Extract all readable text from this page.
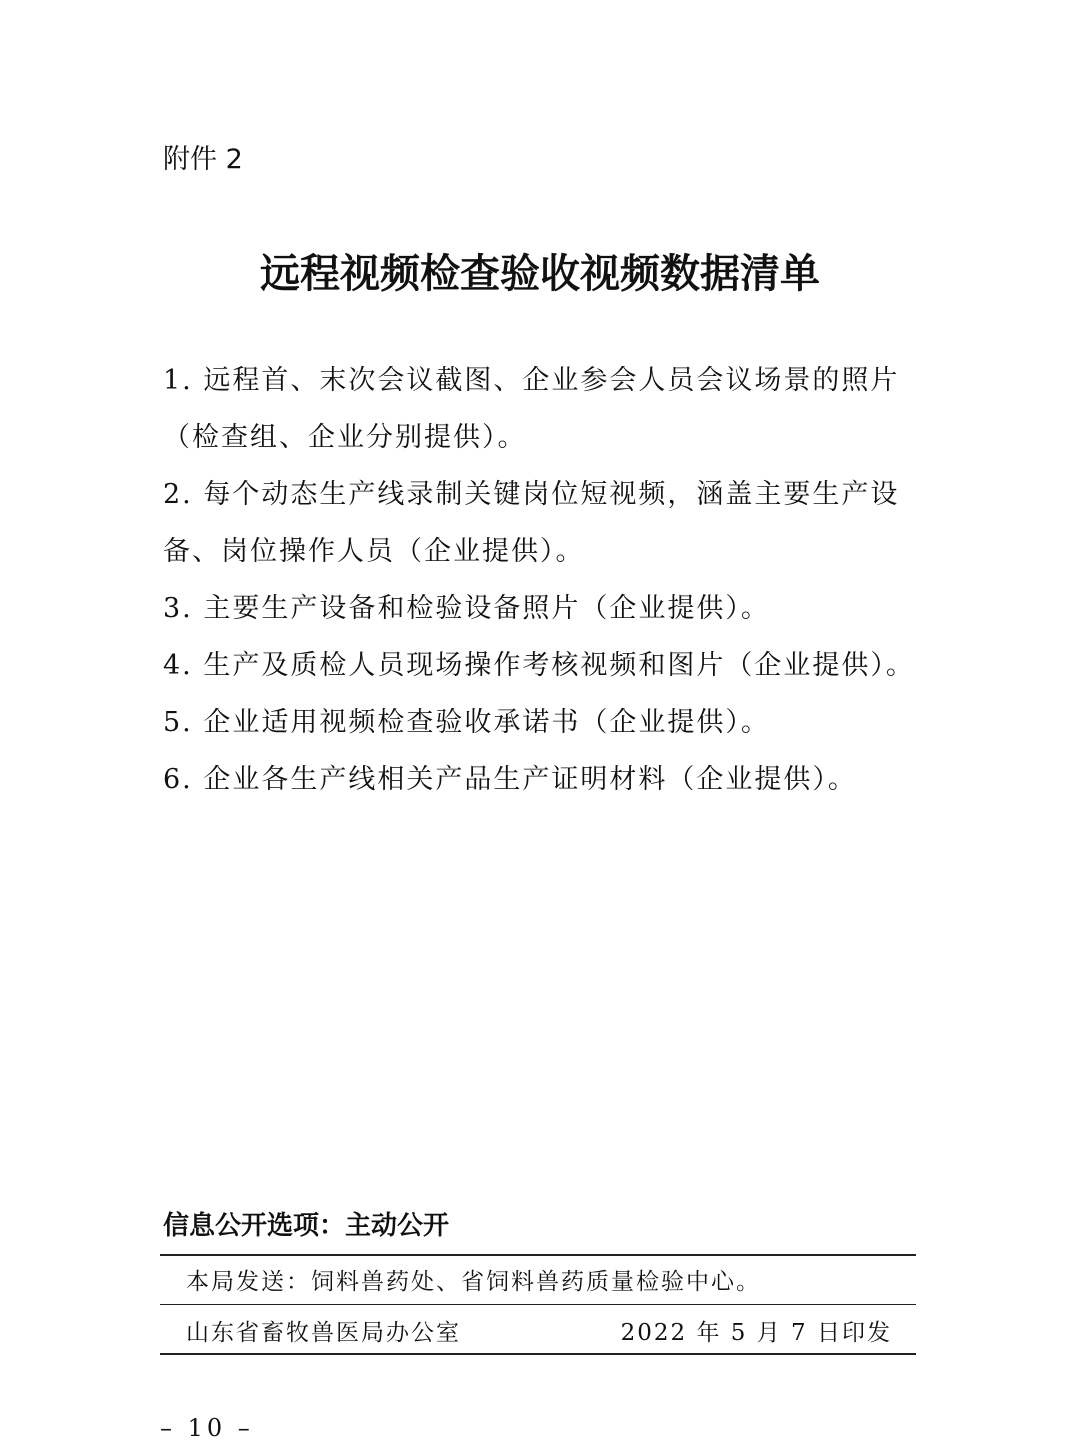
附件 2
远程视频检查验收视频数据清单

1. 远程首、末次会议截图、企业参会人员会议场景的照片（检查组、企业分别提供）。

2. 每个动态生产线录制关键岗位短视频，涵盖主要生产设备、岗位操作人员（企业提供）。

3. 主要生产设备和检验设备照片（企业提供）。

4. 生产及质检人员现场操作考核视频和图片（企业提供）。

5. 企业适用视频检查验收承诺书（企业提供）。

6. 企业各生产线相关产品生产证明材料（企业提供）。

信息公开选项：主动公开
本局发送：饲料兽药处、省饲料兽药质量检验中心。
山东省畜牧兽医局办公室	2022 年 5 月 7 日印发
– 10 –
